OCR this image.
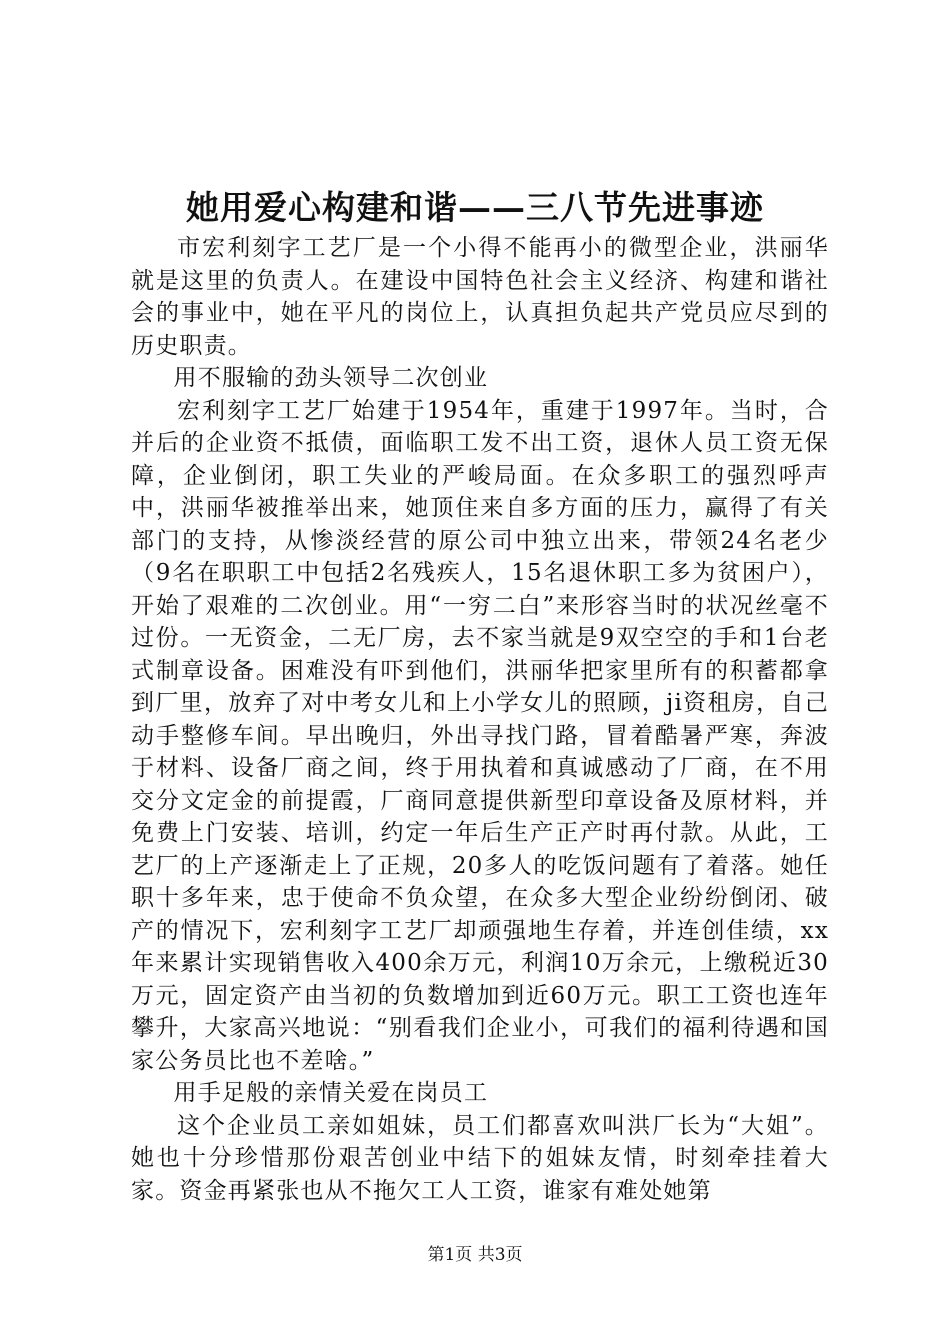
她用爱心构建和谐——三八节先进事迹

市宏利刻字工艺厂是一个小得不能再小的微型企业，洪丽华就是这里的负责人。在建设中国特色社会主义经济、构建和谐社会的事业中，她在平凡的岗位上，认真担负起共产党员应尽到的历史职责。

用不服输的劲头领导二次创业

宏利刻字工艺厂始建于1954年，重建于1997年。当时，合并后的企业资不抵债，面临职工发不出工资，退休人员工资无保障，企业倒闭，职工失业的严峻局面。在众多职工的强烈呼声中，洪丽华被推举出来，她顶住来自多方面的压力，赢得了有关部门的支持，从惨淡经营的原公司中独立出来，带领24名老少（9名在职职工中包括2名残疾人，15名退休职工多为贫困户），开始了艰难的二次创业。用“一穷二白”来形容当时的状况丝毫不过份。一无资金，二无厂房，去不家当就是9双空空的手和1台老式制章设备。困难没有吓到他们，洪丽华把家里所有的积蓄都拿到厂里，放弃了对中考女儿和上小学女儿的照顾，ji资租房，自己动手整修车间。早出晚归，外出寻找门路，冒着酷暑严寒，奔波于材料、设备厂商之间，终于用执着和真诚感动了厂商，在不用交分文定金的前提霞，厂商同意提供新型印章设备及原材料，并免费上门安装、培训，约定一年后生产正产时再付款。从此，工艺厂的上产逐渐走上了正规，20多人的吃饭问题有了着落。她任职十多年来，忠于使命不负众望，在众多大型企业纷纷倒闭、破产的情况下，宏利刻字工艺厂却顽强地生存着，并连创佳绩，xx年来累计实现销售收入400余万元，利润10万余元，上缴税近30万元，固定资产由当初的负数增加到近60万元。职工工资也连年攀升，大家高兴地说：“别看我们企业小，可我们的福利待遇和国家公务员比也不差啥。”

用手足般的亲情关爱在岗员工

这个企业员工亲如姐妹，员工们都喜欢叫洪厂长为“大姐”。她也十分珍惜那份艰苦创业中结下的姐妹友情，时刻牵挂着大家。资金再紧张也从不拖欠工人工资，谁家有难处她第

第1页 共3页
